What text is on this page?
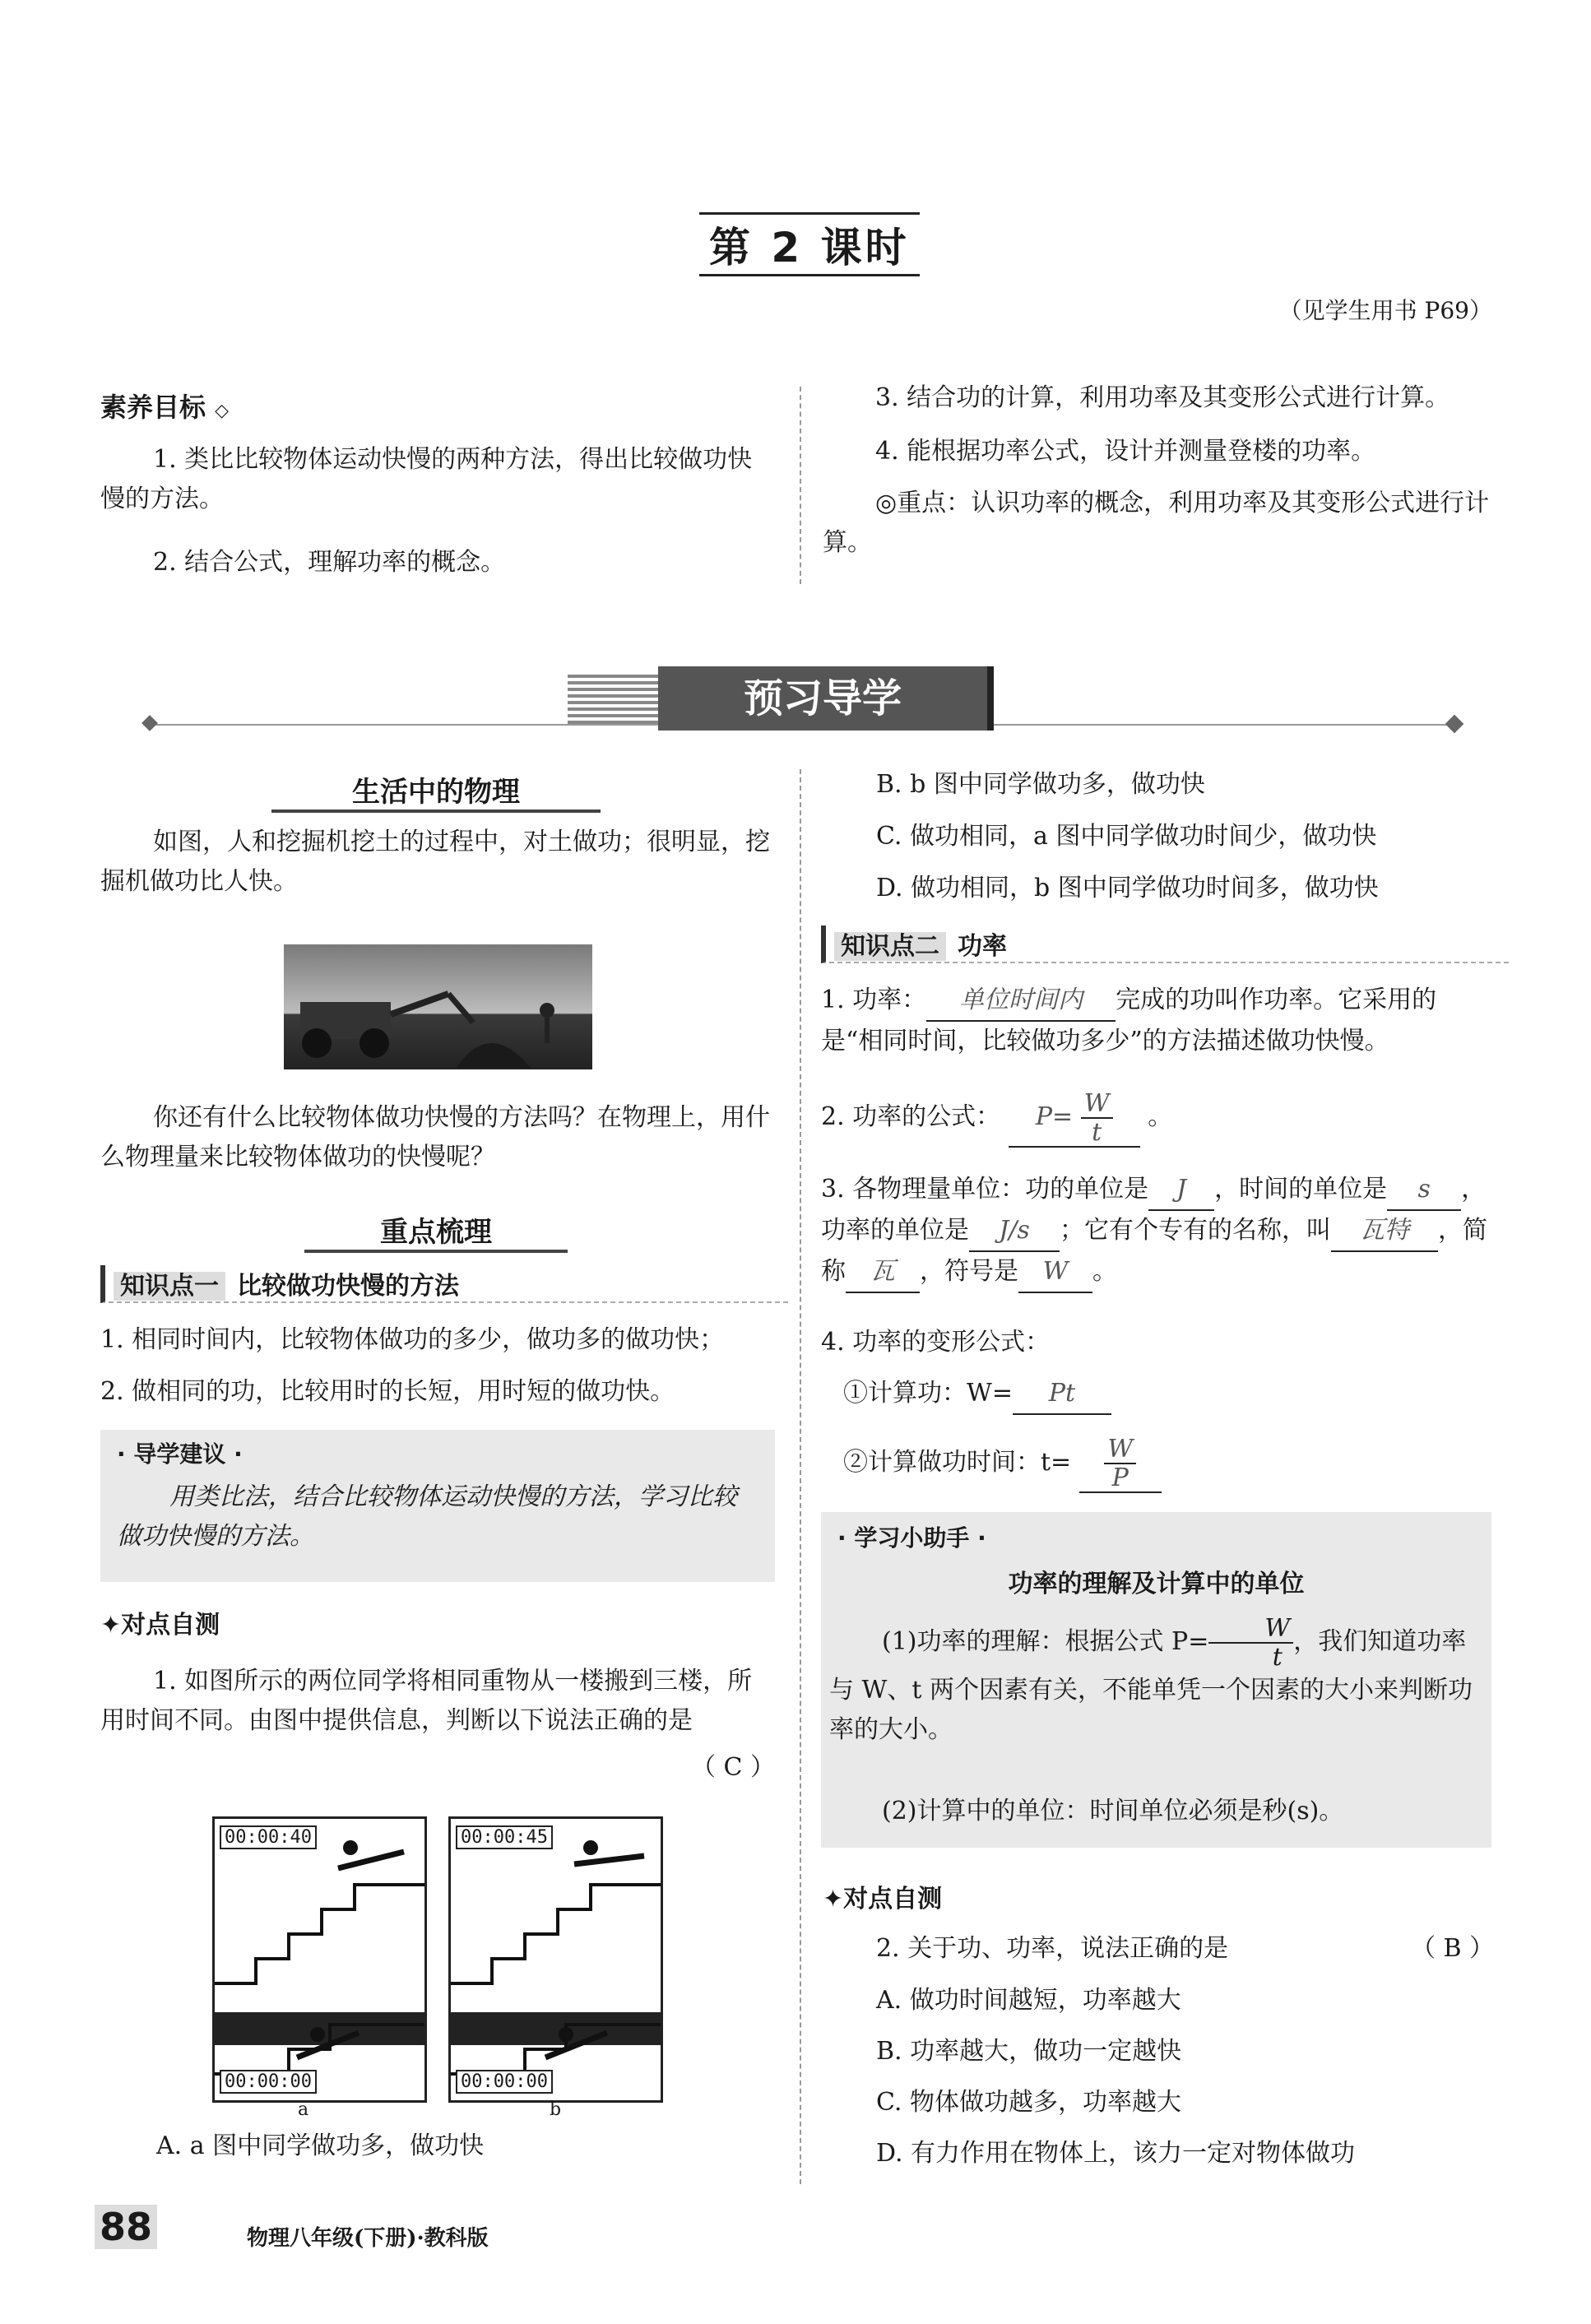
第 2 课时
（见学生用书 P69）
素养目标 ◇
1. 类比比较物体运动快慢的两种方法，得出比较做功快慢的方法。
2. 结合公式，理解功率的概念。
3. 结合功的计算，利用功率及其变形公式进行计算。
4. 能根据功率公式，设计并测量登楼的功率。
◎重点：认识功率的概念，利用功率及其变形公式进行计算。
预习导学
生活中的物理
如图，人和挖掘机挖土的过程中，对土做功；很明显，挖掘机做功比人快。
你还有什么比较物体做功快慢的方法吗？在物理上，用什么物理量来比较物体做功的快慢呢？
重点梳理
知识点一 比较做功快慢的方法
1. 相同时间内，比较物体做功的多少，做功多的做功快；
2. 做相同的功，比较用时的长短，用时短的做功快。
· 导学建议 ·
用类比法，结合比较物体运动快慢的方法，学习比较做功快慢的方法。
✦对点自测
1. 如图所示的两位同学将相同重物从一楼搬到三楼，所用时间不同。由图中提供信息，判断以下说法正确的是
（ C ）
00:00:40
00:00:00
a
00:00:45
00:00:00
b
A. a 图中同学做功多，做功快
B. b 图中同学做功多，做功快
C. 做功相同，a 图中同学做功时间少，做功快
D. 做功相同，b 图中同学做功时间多，做功快
知识点二 功率
1. 功率： 单位时间内 完成的功叫作功率。它采用的是“相同时间，比较做功多少”的方法描述做功快慢。
2. 功率的公式： $P= \frac{W}{t}$ 。
3. 各物理量单位：功的单位是 J ，时间的单位是 s ，功率的单位是 J/s ；它有个专有的名称，叫 瓦特 ，简称 瓦 ，符号是 W 。
4. 功率的变形公式：
①计算功：W= Pt
②计算做功时间：$t= \frac{W}{P}$
· 学习小助手 ·
功率的理解及计算中的单位
(1)功率的理解：根据公式 $P= \frac{W}{t}$ ，我们知道功率与 W、t 两个因素有关，不能单凭一个因素的大小来判断功率的大小。
(2)计算中的单位：时间单位必须是秒(s)。
✦对点自测
2. 关于功、功率，说法正确的是	（ B ）
A. 做功时间越短，功率越大
B. 功率越大，做功一定越快
C. 物体做功越多，功率越大
D. 有力作用在物体上，该力一定对物体做功
88	物理八年级(下册)·教科版
